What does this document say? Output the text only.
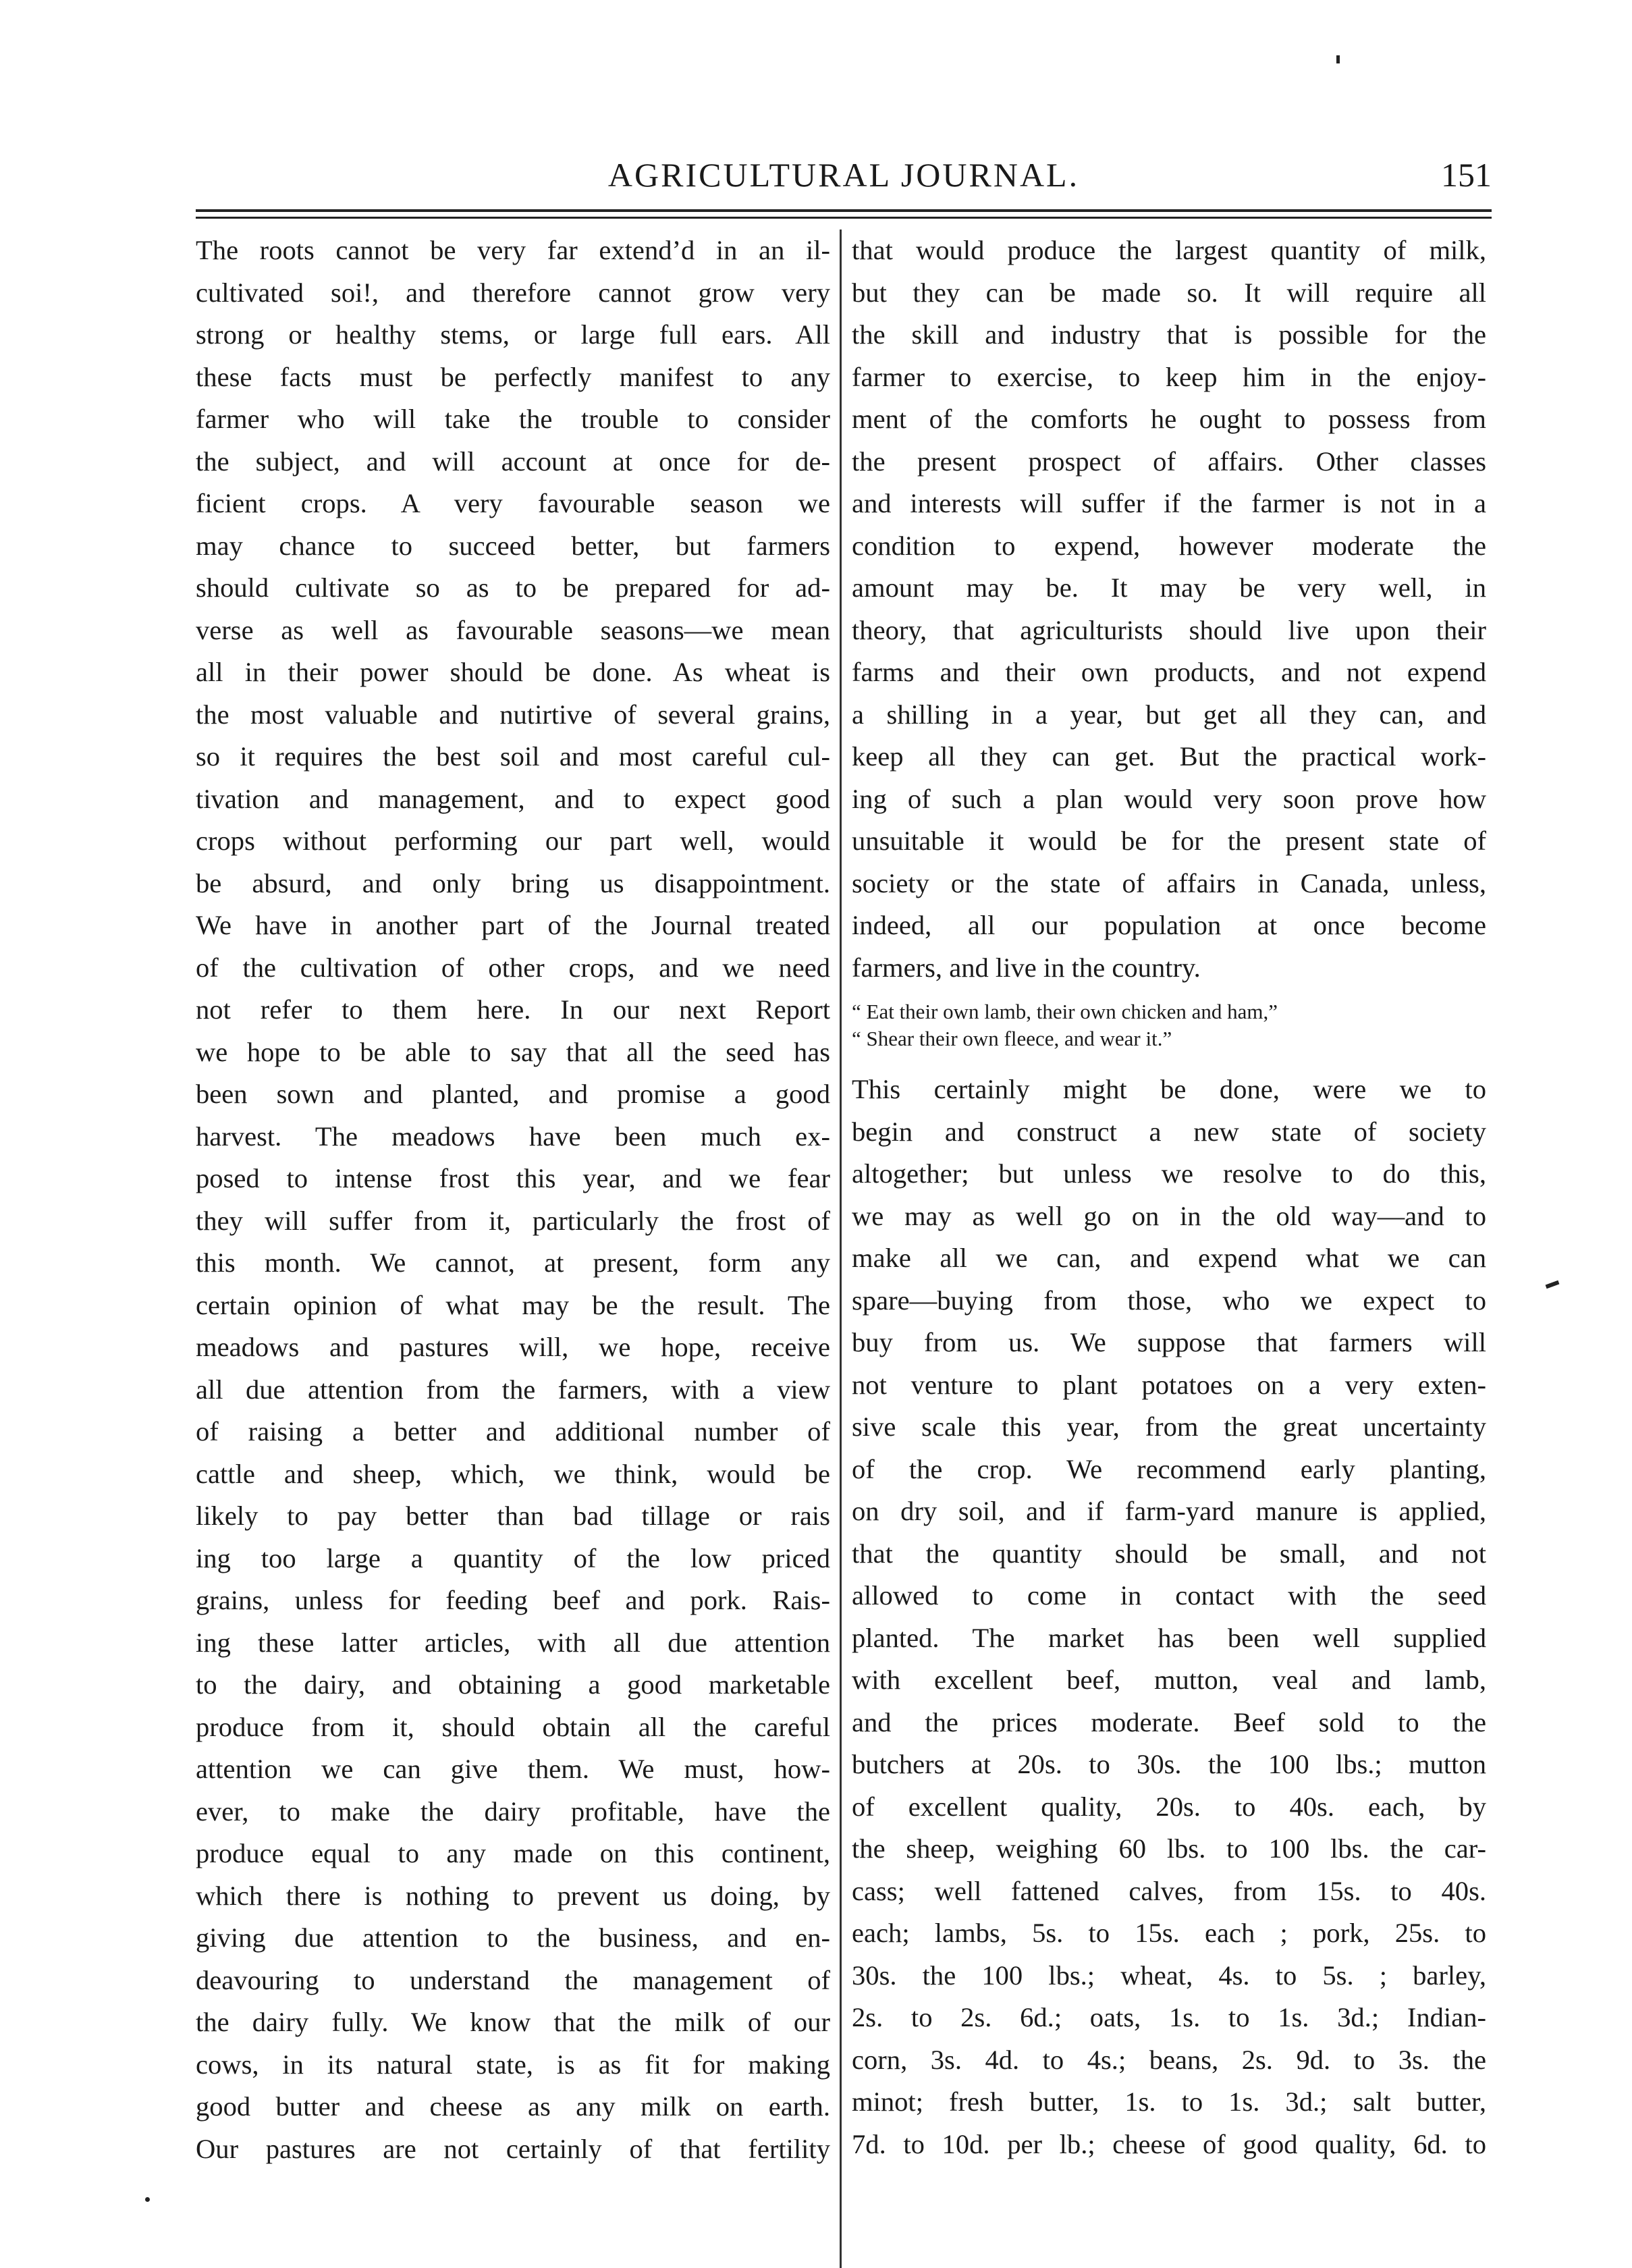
AGRICULTURAL JOURNAL.	151
The roots cannot be very far extend’d in an il-
cultivated soi!, and therefore cannot grow very
strong or healthy stems, or large full ears. All
these facts must be perfectly manifest to any
farmer who will take the trouble to consider
the subject, and will account at once for de-
ficient crops. A very favourable season we
may chance to succeed better, but farmers
should cultivate so as to be prepared for ad-
verse as well as favourable seasons—we mean
all in their power should be done. As wheat is
the most valuable and nutirtive of several grains,
so it requires the best soil and most careful cul-
tivation and management, and to expect good
crops without performing our part well, would
be absurd, and only bring us disappointment.
We have in another part of the Journal treated
of the cultivation of other crops, and we need
not refer to them here. In our next Report
we hope to be able to say that all the seed has
been sown and planted, and promise a good
harvest. The meadows have been much ex-
posed to intense frost this year, and we fear
they will suffer from it, particularly the frost of
this month. We cannot, at present, form any
certain opinion of what may be the result. The
meadows and pastures will, we hope, receive
all due attention from the farmers, with a view
of raising a better and additional number of
cattle and sheep, which, we think, would be
likely to pay better than bad tillage or rais
ing too large a quantity of the low priced
grains, unless for feeding beef and pork. Rais-
ing these latter articles, with all due attention
to the dairy, and obtaining a good marketable
produce from it, should obtain all the careful
attention we can give them. We must, how-
ever, to make the dairy profitable, have the
produce equal to any made on this continent,
which there is nothing to prevent us doing, by
giving due attention to the business, and en-
deavouring to understand the management of
the dairy fully. We know that the milk of our
cows, in its natural state, is as fit for making
good butter and cheese as any milk on earth.
Our pastures are not certainly of that fertility
that would produce the largest quantity of milk,
but they can be made so. It will require all
the skill and industry that is possible for the
farmer to exercise, to keep him in the enjoy-
ment of the comforts he ought to possess from
the present prospect of affairs. Other classes
and interests will suffer if the farmer is not in a
condition to expend, however moderate the
amount may be. It may be very well, in
theory, that agriculturists should live upon their
farms and their own products, and not expend
a shilling in a year, but get all they can, and
keep all they can get. But the practical work-
ing of such a plan would very soon prove how
unsuitable it would be for the present state of
society or the state of affairs in Canada, unless,
indeed, all our population at once become
farmers, and live in the country.
“ Eat their own lamb, their own chicken and ham,”
“ Shear their own fleece, and wear it.”
This certainly might be done, were we to
begin and construct a new state of society
altogether; but unless we resolve to do this,
we may as well go on in the old way—and to
make all we can, and expend what we can
spare—buying from those, who we expect to
buy from us. We suppose that farmers will
not venture to plant potatoes on a very exten-
sive scale this year, from the great uncertainty
of the crop. We recommend early planting,
on dry soil, and if farm-yard manure is applied,
that the quantity should be small, and not
allowed to come in contact with the seed
planted. The market has been well supplied
with excellent beef, mutton, veal and lamb,
and the prices moderate. Beef sold to the
butchers at 20s. to 30s. the 100 lbs.; mutton
of excellent quality, 20s. to 40s. each, by
the sheep, weighing 60 lbs. to 100 lbs. the car-
cass; well fattened calves, from 15s. to 40s.
each; lambs, 5s. to 15s. each ; pork, 25s. to
30s. the 100 lbs.; wheat, 4s. to 5s. ; barley,
2s. to 2s. 6d.; oats, 1s. to 1s. 3d.; Indian-
corn, 3s. 4d. to 4s.; beans, 2s. 9d. to 3s. the
minot; fresh butter, 1s. to 1s. 3d.; salt butter,
7d. to 10d. per lb.; cheese of good quality, 6d. to
